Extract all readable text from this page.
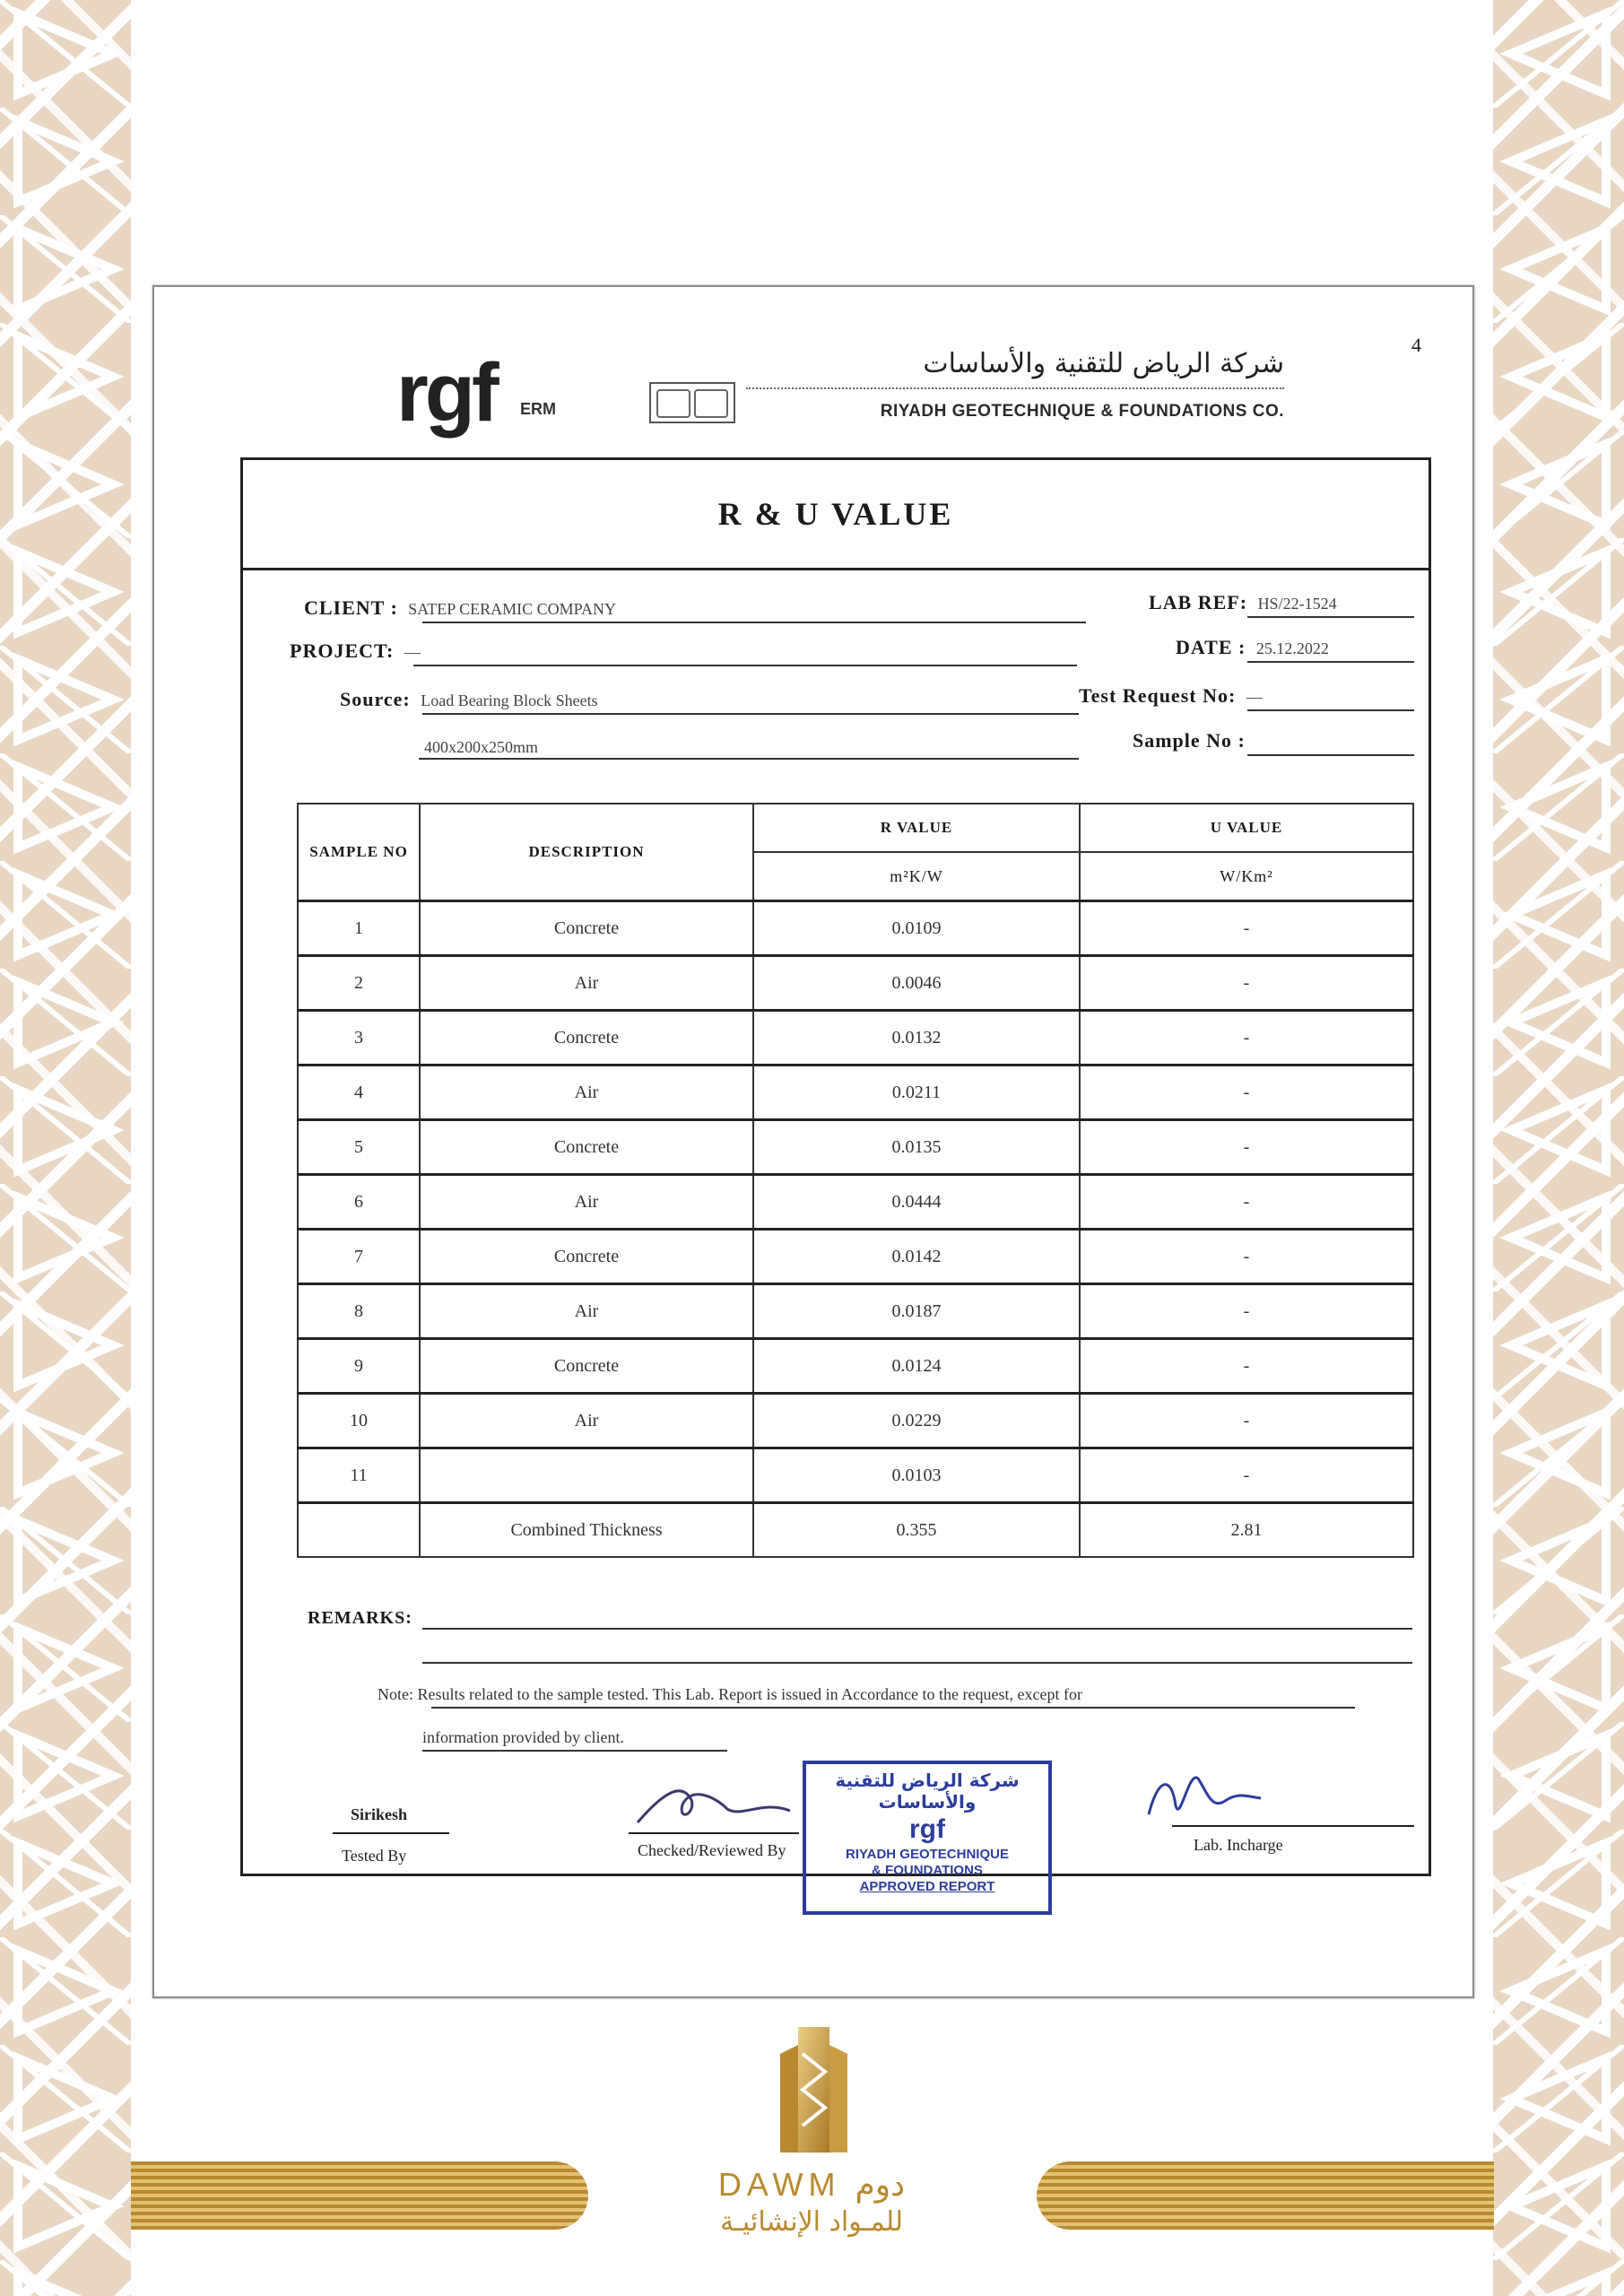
4
rgf ERM
شركة الرياض للتقنية والأساسات
RIYADH GEOTECHNIQUE & FOUNDATIONS CO.
R & U VALUE
CLIENT : SATEP CERAMIC COMPANY	LAB REF: HS/22-1524
PROJECT: —	DATE : 25.12.2022
Source: Load Bearing Block Sheets	Test Request No: —
400x200x250mm	Sample No :
SAMPLE NO	DESCRIPTION	R VALUE	U VALUE
		m²K/W	W/Km²
1	Concrete	0.0109	-
2	Air	0.0046	-
3	Concrete	0.0132	-
4	Air	0.0211	-
5	Concrete	0.0135	-
6	Air	0.0444	-
7	Concrete	0.0142	-
8	Air	0.0187	-
9	Concrete	0.0124	-
10	Air	0.0229	-
11		0.0103	-
	Combined Thickness	0.355	2.81
REMARKS:
Note: Results related to the sample tested. This Lab. Report is issued in Accordance to the request, except for
information provided by client.
Sirikesh
Tested By	Checked/Reviewed By	Lab. Incharge
شركة الرياض للتقنية والأساسات
rgf
RIYADH GEOTECHNIQUE
& FOUNDATIONS
APPROVED REPORT
DAWM دوم
للمـواد الإنشائيـة
